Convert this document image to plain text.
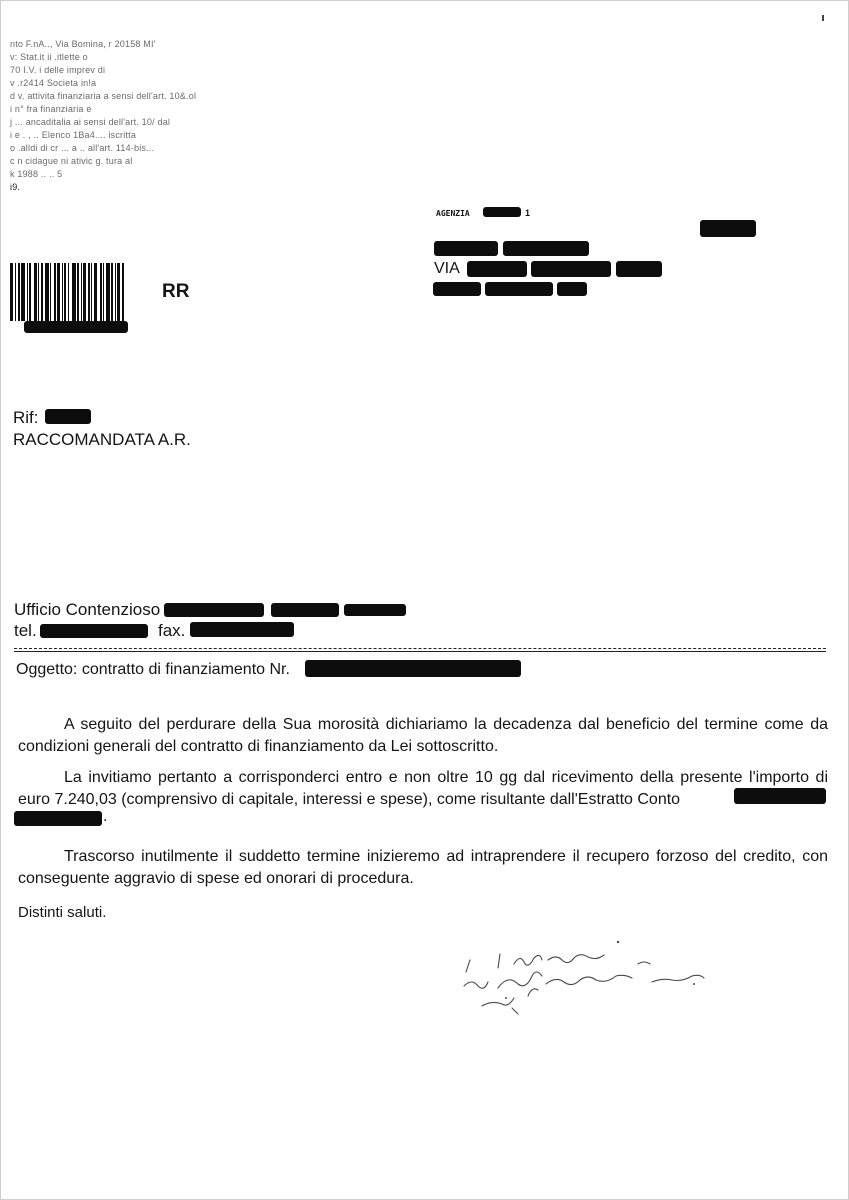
nto F.nA.., Via Bomina, r 20158 MI'
v: Stat.it ii .itlette o
70 I.V. i delle imprev di
v .r2414 Societa in!a
d v. attivita finanziaria a sensi dell'art. 10&.ol
i n° fra finanziaria e
j ... ancaditalia ai sensi dell'art. 10/ dal
i e . , .. Elenco 1Ba4.... iscritta
o .alldi di cr ... a .. all'art. 114-bis...
c n cidague ni ativic g. tura al
k 1988 .. .. 5
i9.
AGENZIA	1
VIA
RR
Rif:
RACCOMANDATA A.R.
Ufficio Contenzioso
tel.	fax.
Oggetto: contratto di finanziamento Nr.
A seguito del perdurare della Sua morosità dichiariamo la decadenza dal beneficio del termine come da condizioni generali del contratto di finanziamento da Lei sottoscritto.
La invitiamo pertanto a corrisponderci entro e non oltre 10 gg dal ricevimento della presente l'importo di euro 7.240,03 (comprensivo di capitale, interessi e spese), come risultante dall'Estratto Conto
.
Trascorso inutilmente il suddetto termine inizieremo ad intraprendere il recupero forzoso del credito, con conseguente aggravio di spese ed onorari di procedura.
Distinti saluti.
